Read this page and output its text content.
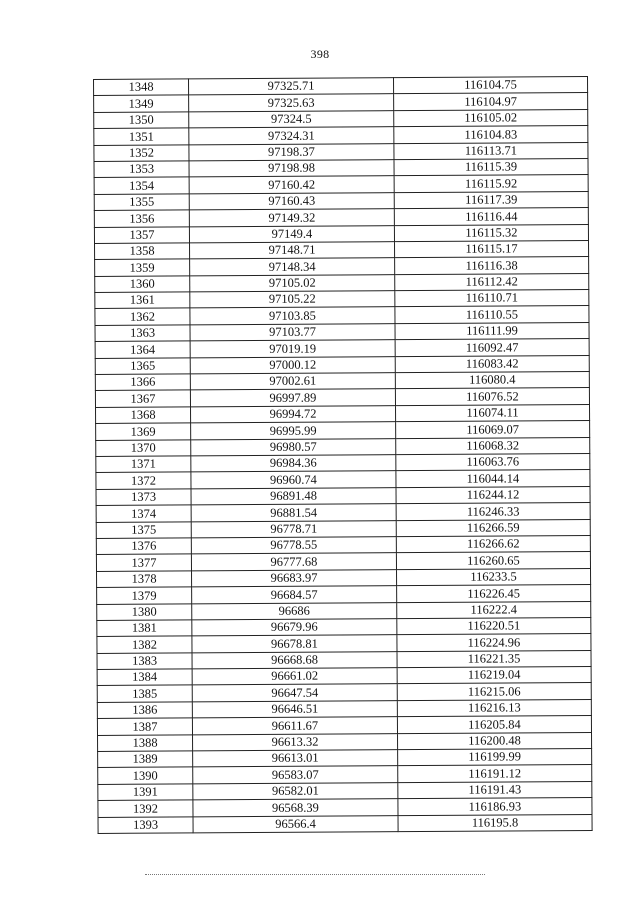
398
1348	97325.71	116104.75
1349	97325.63	116104.97
1350	97324.5	116105.02
1351	97324.31	116104.83
1352	97198.37	116113.71
1353	97198.98	116115.39
1354	97160.42	116115.92
1355	97160.43	116117.39
1356	97149.32	116116.44
1357	97149.4	116115.32
1358	97148.71	116115.17
1359	97148.34	116116.38
1360	97105.02	116112.42
1361	97105.22	116110.71
1362	97103.85	116110.55
1363	97103.77	116111.99
1364	97019.19	116092.47
1365	97000.12	116083.42
1366	97002.61	116080.4
1367	96997.89	116076.52
1368	96994.72	116074.11
1369	96995.99	116069.07
1370	96980.57	116068.32
1371	96984.36	116063.76
1372	96960.74	116044.14
1373	96891.48	116244.12
1374	96881.54	116246.33
1375	96778.71	116266.59
1376	96778.55	116266.62
1377	96777.68	116260.65
1378	96683.97	116233.5
1379	96684.57	116226.45
1380	96686	116222.4
1381	96679.96	116220.51
1382	96678.81	116224.96
1383	96668.68	116221.35
1384	96661.02	116219.04
1385	96647.54	116215.06
1386	96646.51	116216.13
1387	96611.67	116205.84
1388	96613.32	116200.48
1389	96613.01	116199.99
1390	96583.07	116191.12
1391	96582.01	116191.43
1392	96568.39	116186.93
1393	96566.4	116195.8
